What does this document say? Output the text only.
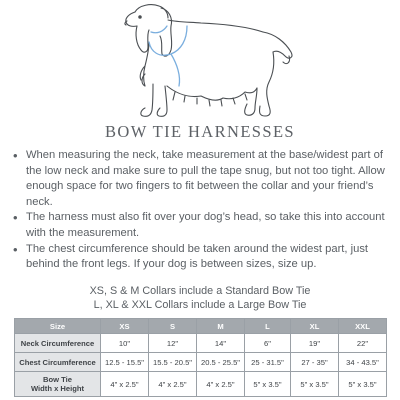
BOW TIE HARNESSES
• When measuring the neck, take measurement at the base/widest part of the low neck and make sure to pull the tape snug, but not too tight. Allow enough space for two fingers to fit between the collar and your friend’s neck.
• The harness must also fit over your dog’s head, so take this into account with the measurement.
• The chest circumference should be taken around the widest part, just behind the front legs. If your dog is between sizes, size up.
XS, S & M Collars include a Standard Bow Tie
L, XL & XXL Collars include a Large Bow Tie
Size	XS	S	M	L	XL	XXL
Neck Circumference	10"	12"	14"	6"	19"	22"
Chest Circumference	12.5 - 15.5"	15.5 - 20.5"	20.5 - 25.5"	25 - 31.5"	27 - 35"	34 - 43.5"

Bow Tie
Width x Height	4" x 2.5"	4" x 2.5"	4" x 2.5"	5" x 3.5"	5" x 3.5"	5" x 3.5"
